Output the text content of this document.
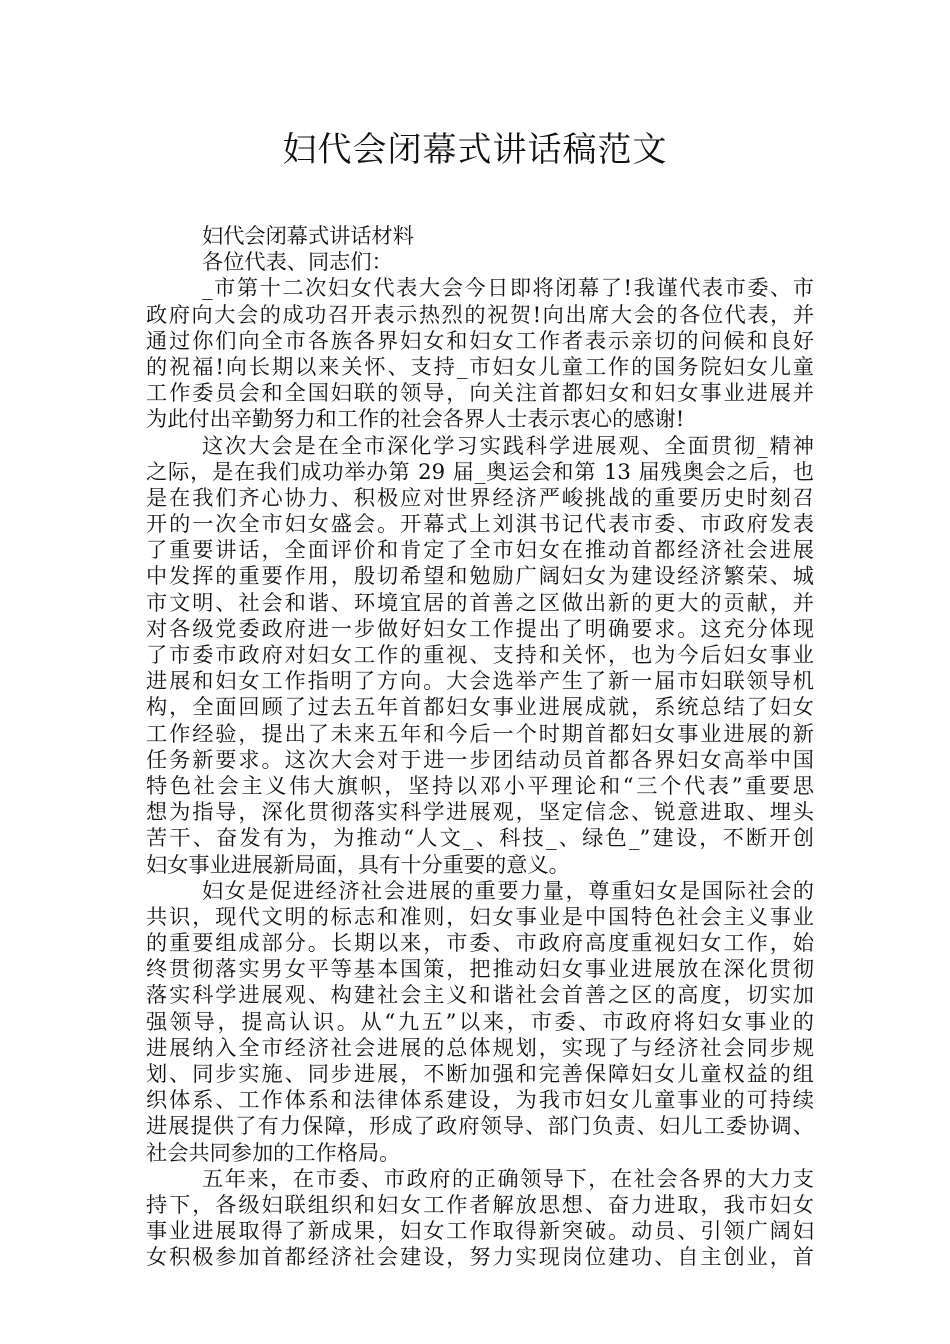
妇代会闭幕式讲话稿范文
妇代会闭幕式讲话材料
各位代表、同志们：
_市第十二次妇女代表大会今日即将闭幕了!我谨代表市委、市
政府向大会的成功召开表示热烈的祝贺!向出席大会的各位代表，并
通过你们向全市各族各界妇女和妇女工作者表示亲切的问候和良好
的祝福!向长期以来关怀、支持_市妇女儿童工作的国务院妇女儿童
工作委员会和全国妇联的领导，向关注首都妇女和妇女事业进展并
为此付出辛勤努力和工作的社会各界人士表示衷心的感谢!
这次大会是在全市深化学习实践科学进展观、全面贯彻_精神
之际，是在我们成功举办第 29 届_奥运会和第 13 届残奥会之后，也
是在我们齐心协力、积极应对世界经济严峻挑战的重要历史时刻召
开的一次全市妇女盛会。开幕式上刘淇书记代表市委、市政府发表
了重要讲话，全面评价和肯定了全市妇女在推动首都经济社会进展
中发挥的重要作用，殷切希望和勉励广阔妇女为建设经济繁荣、城
市文明、社会和谐、环境宜居的首善之区做出新的更大的贡献，并
对各级党委政府进一步做好妇女工作提出了明确要求。这充分体现
了市委市政府对妇女工作的重视、支持和关怀，也为今后妇女事业
进展和妇女工作指明了方向。大会选举产生了新一届市妇联领导机
构，全面回顾了过去五年首都妇女事业进展成就，系统总结了妇女
工作经验，提出了未来五年和今后一个时期首都妇女事业进展的新
任务新要求。这次大会对于进一步团结动员首都各界妇女高举中国
特色社会主义伟大旗帜，坚持以邓小平理论和“三个代表”重要思
想为指导，深化贯彻落实科学进展观，坚定信念、锐意进取、埋头
苦干、奋发有为，为推动“人文_、科技_、绿色_”建设，不断开创
妇女事业进展新局面，具有十分重要的意义。
妇女是促进经济社会进展的重要力量，尊重妇女是国际社会的
共识，现代文明的标志和准则，妇女事业是中国特色社会主义事业
的重要组成部分。长期以来，市委、市政府高度重视妇女工作，始
终贯彻落实男女平等基本国策，把推动妇女事业进展放在深化贯彻
落实科学进展观、构建社会主义和谐社会首善之区的高度，切实加
强领导，提高认识。从“九五”以来，市委、市政府将妇女事业的
进展纳入全市经济社会进展的总体规划，实现了与经济社会同步规
划、同步实施、同步进展，不断加强和完善保障妇女儿童权益的组
织体系、工作体系和法律体系建设，为我市妇女儿童事业的可持续
进展提供了有力保障，形成了政府领导、部门负责、妇儿工委协调、
社会共同参加的工作格局。
五年来，在市委、市政府的正确领导下，在社会各界的大力支
持下，各级妇联组织和妇女工作者解放思想、奋力进取，我市妇女
事业进展取得了新成果，妇女工作取得新突破。动员、引领广阔妇
女积极参加首都经济社会建设，努力实现岗位建功、自主创业，首
